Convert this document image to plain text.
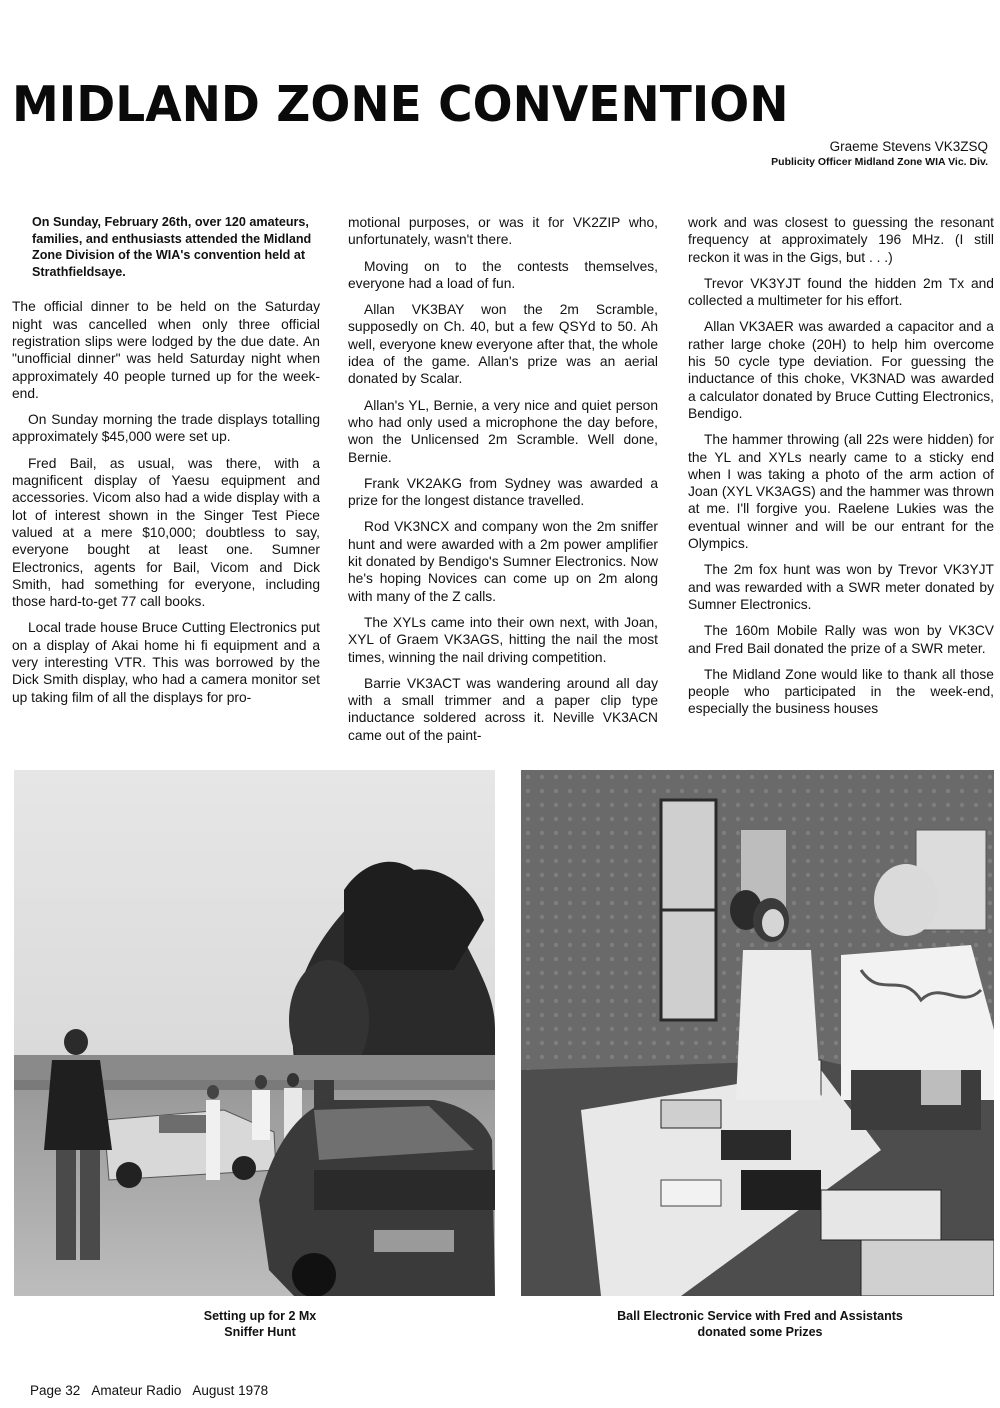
MIDLAND ZONE CONVENTION
Graeme Stevens VK3ZSQ
Publicity Officer Midland Zone WIA Vic. Div.

On Sunday, February 26th, over 120 amateurs, families, and enthusiasts attended the Midland Zone Division of the WIA's convention held at Strathfieldsaye.

The official dinner to be held on the Saturday night was cancelled when only three official registration slips were lodged by the due date. An "unofficial dinner" was held Saturday night when approximately 40 people turned up for the week-end.

On Sunday morning the trade displays totalling approximately $45,000 were set up.

Fred Bail, as usual, was there, with a magnificent display of Yaesu equipment and accessories. Vicom also had a wide display with a lot of interest shown in the Singer Test Piece valued at a mere $10,000; doubtless to say, everyone bought at least one. Sumner Electronics, agents for Bail, Vicom and Dick Smith, had something for everyone, including those hard-to-get 77 call books.

Local trade house Bruce Cutting Electronics put on a display of Akai home hi fi equipment and a very interesting VTR. This was borrowed by the Dick Smith display, who had a camera monitor set up taking film of all the displays for pro-

motional purposes, or was it for VK2ZIP who, unfortunately, wasn't there.

Moving on to the contests themselves, everyone had a load of fun.

Allan VK3BAY won the 2m Scramble, supposedly on Ch. 40, but a few QSYd to 50. Ah well, everyone knew everyone after that, the whole idea of the game. Allan's prize was an aerial donated by Scalar.

Allan's YL, Bernie, a very nice and quiet person who had only used a microphone the day before, won the Unlicensed 2m Scramble. Well done, Bernie.

Frank VK2AKG from Sydney was awarded a prize for the longest distance travelled.

Rod VK3NCX and company won the 2m sniffer hunt and were awarded with a 2m power amplifier kit donated by Bendigo's Sumner Electronics. Now he's hoping Novices can come up on 2m along with many of the Z calls.

The XYLs came into their own next, with Joan, XYL of Graem VK3AGS, hitting the nail the most times, winning the nail driving competition.

Barrie VK3ACT was wandering around all day with a small trimmer and a paper clip type inductance soldered across it. Neville VK3ACN came out of the paint-

work and was closest to guessing the resonant frequency at approximately 196 MHz. (I still reckon it was in the Gigs, but . . .)

Trevor VK3YJT found the hidden 2m Tx and collected a multimeter for his effort.

Allan VK3AER was awarded a capacitor and a rather large choke (20H) to help him overcome his 50 cycle type deviation. For guessing the inductance of this choke, VK3NAD was awarded a calculator donated by Bruce Cutting Electronics, Bendigo.

The hammer throwing (all 22s were hidden) for the YL and XYLs nearly came to a sticky end when I was taking a photo of the arm action of Joan (XYL VK3AGS) and the hammer was thrown at me. I'll forgive you. Raelene Lukies was the eventual winner and will be our entrant for the Olympics.

The 2m fox hunt was won by Trevor VK3YJT and was rewarded with a SWR meter donated by Sumner Electronics.

The 160m Mobile Rally was won by VK3CV and Fred Bail donated the prize of a SWR meter.

The Midland Zone would like to thank all those people who participated in the week-end, especially the business houses

Setting up for 2 Mx
Sniffer Hunt
Ball Electronic Service with Fred and Assistants
donated some Prizes
Page 32 Amateur Radio August 1978
